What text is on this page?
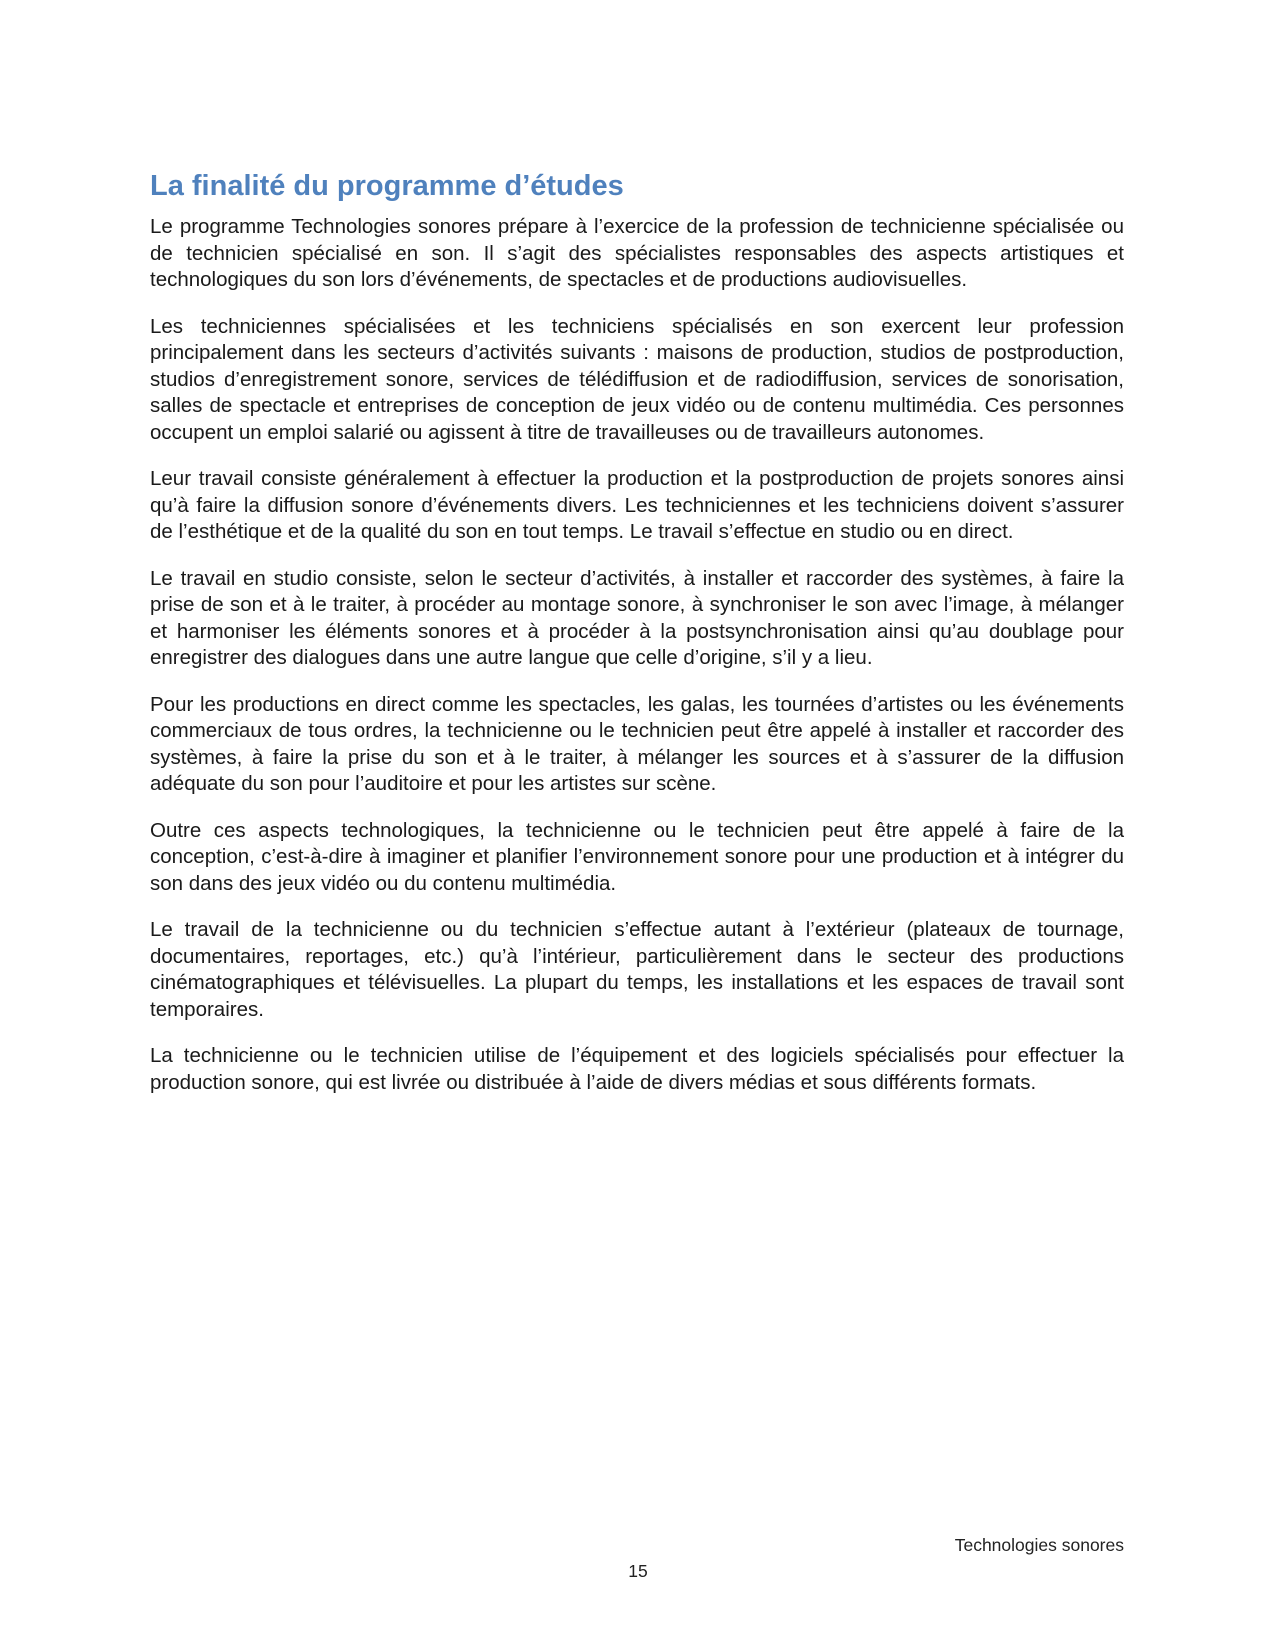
La finalité du programme d’études

Le programme Technologies sonores prépare à l’exercice de la profession de technicienne spécialisée ou de technicien spécialisé en son. Il s’agit des spécialistes responsables des aspects artistiques et technologiques du son lors d’événements, de spectacles et de productions audiovisuelles.

Les techniciennes spécialisées et les techniciens spécialisés en son exercent leur profession principalement dans les secteurs d’activités suivants : maisons de production, studios de postproduction, studios d’enregistrement sonore, services de télédiffusion et de radiodiffusion, services de sonorisation, salles de spectacle et entreprises de conception de jeux vidéo ou de contenu multimédia. Ces personnes occupent un emploi salarié ou agissent à titre de travailleuses ou de travailleurs autonomes.

Leur travail consiste généralement à effectuer la production et la postproduction de projets sonores ainsi qu’à faire la diffusion sonore d’événements divers. Les techniciennes et les techniciens doivent s’assurer de l’esthétique et de la qualité du son en tout temps. Le travail s’effectue en studio ou en direct.

Le travail en studio consiste, selon le secteur d’activités, à installer et raccorder des systèmes, à faire la prise de son et à le traiter, à procéder au montage sonore, à synchroniser le son avec l’image, à mélanger et harmoniser les éléments sonores et à procéder à la postsynchronisation ainsi qu’au doublage pour enregistrer des dialogues dans une autre langue que celle d’origine, s’il y a lieu.

Pour les productions en direct comme les spectacles, les galas, les tournées d’artistes ou les événements commerciaux de tous ordres, la technicienne ou le technicien peut être appelé à installer et raccorder des systèmes, à faire la prise du son et à le traiter, à mélanger les sources et à s’assurer de la diffusion adéquate du son pour l’auditoire et pour les artistes sur scène.

Outre ces aspects technologiques, la technicienne ou le technicien peut être appelé à faire de la conception, c’est-à-dire à imaginer et planifier l’environnement sonore pour une production et à intégrer du son dans des jeux vidéo ou du contenu multimédia.

Le travail de la technicienne ou du technicien s’effectue autant à l’extérieur (plateaux de tournage, documentaires, reportages, etc.) qu’à l’intérieur, particulièrement dans le secteur des productions cinématographiques et télévisuelles. La plupart du temps, les installations et les espaces de travail sont temporaires.

La technicienne ou le technicien utilise de l’équipement et des logiciels spécialisés pour effectuer la production sonore, qui est livrée ou distribuée à l’aide de divers médias et sous différents formats.

Technologies sonores
15
